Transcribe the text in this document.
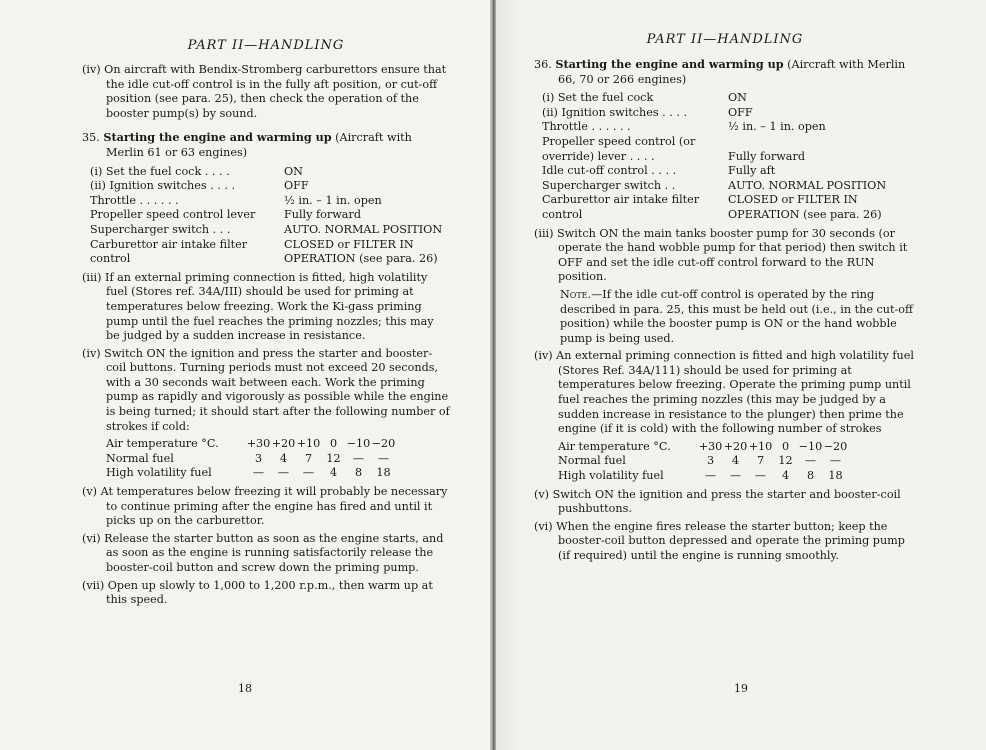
PART II—HANDLING

(iv) On aircraft with Bendix-Stromberg carburettors ensure that the idle cut-off control is in the fully aft position, or cut-off position (see para. 25), then check the operation of the booster pump(s) by sound.

35. Starting the engine and warming up (Aircraft with Merlin 61 or 63 engines)

(i) Set the fuel cock . . . .	ON
(ii) Ignition switches . . . .	OFF
Throttle . . . . . .	½ in. – 1 in. open
Propeller speed control lever	Fully forward
Supercharger switch . . .	AUTO. NORMAL POSITION
Carburettor air intake filter control	CLOSED or FILTER IN OPERATION (see para. 26)

(iii) If an external priming connection is fitted, high volatility fuel (Stores ref. 34A/III) should be used for priming at temperatures below freezing. Work the Ki-gass priming pump until the fuel reaches the priming nozzles; this may be judged by a sudden increase in resistance.

(iv) Switch ON the ignition and press the starter and booster-coil buttons. Turning periods must not exceed 20 seconds, with a 30 seconds wait between each. Work the priming pump as rapidly and vigorously as possible while the engine is being turned; it should start after the following number of strokes if cold:

Air temperature °C.	+30	+20	+10	0	−10	−20
Normal fuel	3	4	7	12	—	—
High volatility fuel	—	—	—	4	8	18

(v) At temperatures below freezing it will probably be necessary to continue priming after the engine has fired and until it picks up on the carburettor.

(vi) Release the starter button as soon as the engine starts, and as soon as the engine is running satisfactorily release the booster-coil button and screw down the priming pump.

(vii) Open up slowly to 1,000 to 1,200 r.p.m., then warm up at this speed.

18
PART II—HANDLING

36. Starting the engine and warming up (Aircraft with Merlin 66, 70 or 266 engines)

(i) Set the fuel cock	ON
(ii) Ignition switches . . . .	OFF
Throttle . . . . . .	½ in. – 1 in. open
Propeller speed control (or override) lever . . . .	Fully forward
Idle cut-off control . . . .	Fully aft
Supercharger switch . .	AUTO. NORMAL POSITION
Carburettor air intake filter control	CLOSED or FILTER IN OPERATION (see para. 26)

(iii) Switch ON the main tanks booster pump for 30 seconds (or operate the hand wobble pump for that period) then switch it OFF and set the idle cut-off control forward to the RUN position.

Note.—If the idle cut-off control is operated by the ring described in para. 25, this must be held out (i.e., in the cut-off position) while the booster pump is ON or the hand wobble pump is being used.

(iv) An external priming connection is fitted and high volatility fuel (Stores Ref. 34A/111) should be used for priming at temperatures below freezing. Operate the priming pump until fuel reaches the priming nozzles (this may be judged by a sudden increase in resistance to the plunger) then prime the engine (if it is cold) with the following number of strokes

Air temperature °C.	+30	+20	+10	0	−10	−20
Normal fuel	3	4	7	12	—	—
High volatility fuel	—	—	—	4	8	18

(v) Switch ON the ignition and press the starter and booster-coil pushbuttons.

(vi) When the engine fires release the starter button; keep the booster-coil button depressed and operate the priming pump (if required) until the engine is running smoothly.

19
